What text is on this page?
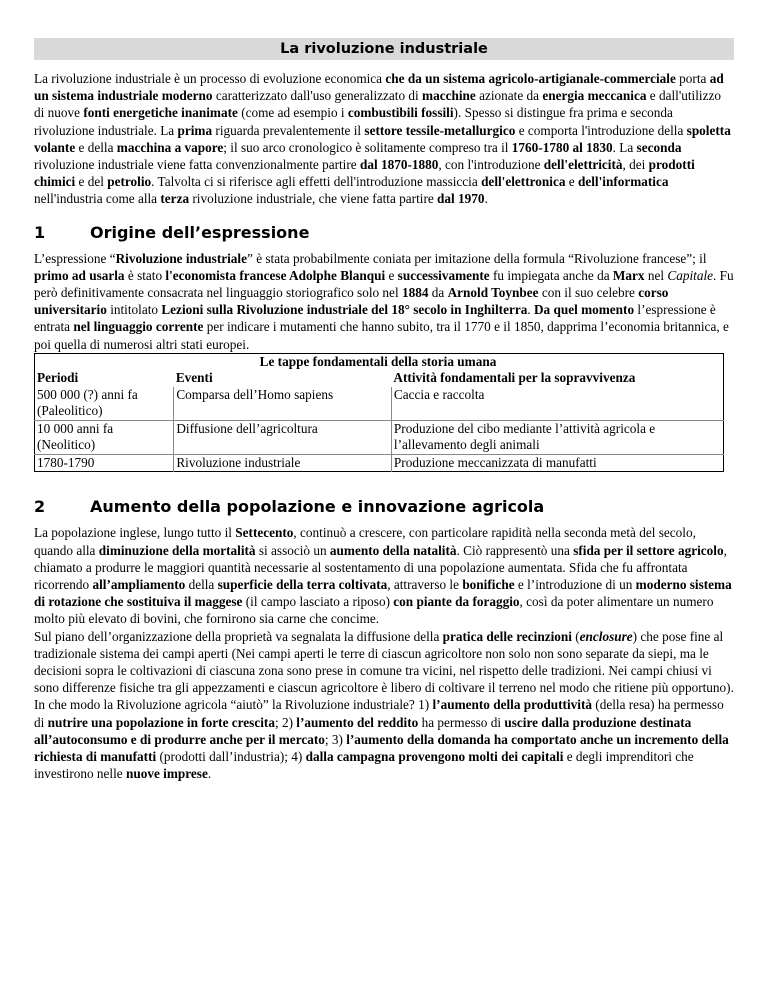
La rivoluzione industriale

La rivoluzione industriale è un processo di evoluzione economica che da un sistema agricolo-artigianale-commerciale porta ad un sistema industriale moderno caratterizzato dall'uso generalizzato di macchine azionate da energia meccanica e dall'utilizzo di nuove fonti energetiche inanimate (come ad esempio i combustibili fossili). Spesso si distingue fra prima e seconda rivoluzione industriale. La prima riguarda prevalentemente il settore tessile-metallurgico e comporta l'introduzione della spoletta volante e della macchina a vapore; il suo arco cronologico è solitamente compreso tra il 1760-1780 al 1830. La seconda rivoluzione industriale viene fatta convenzionalmente partire dal 1870-1880, con l'introduzione dell'elettricità, dei prodotti chimici e del petrolio. Talvolta ci si riferisce agli effetti dell'introduzione massiccia dell'elettronica e dell'informatica nell'industria come alla terza rivoluzione industriale, che viene fatta partire dal 1970.

1	Origine dell’espressione

L’espressione “Rivoluzione industriale” è stata probabilmente coniata per imitazione della formula “Rivoluzione francese”; il primo ad usarla è stato l'economista francese Adolphe Blanqui e successivamente fu impiegata anche da Marx nel Capitale. Fu però definitivamente consacrata nel linguaggio storiografico solo nel 1884 da Arnold Toynbee con il suo celebre corso universitario intitolato Lezioni sulla Rivoluzione industriale del 18° secolo in Inghilterra. Da quel momento l’espressione è entrata nel linguaggio corrente per indicare i mutamenti che hanno subito, tra il 1770 e il 1850, dapprima l’economia britannica, e poi quella di numerosi altri stati europei.

Le tappe fondamentali della storia umana		
Periodi	Eventi	Attività fondamentali per la sopravvivenza
500 000 (?) anni fa (Paleolitico)	Comparsa dell’Homo sapiens	Caccia e raccolta
10 000 anni fa (Neolitico)	Diffusione dell’agricoltura	Produzione del cibo mediante l’attività agricola e l’allevamento degli animali
1780-1790	Rivoluzione industriale	Produzione meccanizzata di manufatti
2	Aumento della popolazione e innovazione agricola

La popolazione inglese, lungo tutto il Settecento, continuò a crescere, con particolare rapidità nella seconda metà del secolo, quando alla diminuzione della mortalità si associò un aumento della natalità. Ciò rappresentò una sfida per il settore agricolo, chiamato a produrre le maggiori quantità necessarie al sostentamento di una popolazione aumentata. Sfida che fu affrontata ricorrendo all’ampliamento della superficie della terra coltivata, attraverso le bonifiche e l’introduzione di un moderno sistema di rotazione che sostituiva il maggese (il campo lasciato a riposo) con piante da foraggio, così da poter alimentare un numero molto più elevato di bovini, che fornirono sia carne che concime.

Sul piano dell’organizzazione della proprietà va segnalata la diffusione della pratica delle recinzioni (enclosure) che pose fine al tradizionale sistema dei campi aperti (Nei campi aperti le terre di ciascun agricoltore non solo non sono separate da siepi, ma le decisioni sopra le coltivazioni di ciascuna zona sono prese in comune tra vicini, nel rispetto delle tradizioni. Nei campi chiusi vi sono differenze fisiche tra gli appezzamenti e ciascun agricoltore è libero di coltivare il terreno nel modo che ritiene più opportuno).

In che modo la Rivoluzione agricola “aiutò” la Rivoluzione industriale? 1) l’aumento della produttività (della resa) ha permesso di nutrire una popolazione in forte crescita; 2) l’aumento del reddito ha permesso di uscire dalla produzione destinata all’autoconsumo e di produrre anche per il mercato; 3) l’aumento della domanda ha comportato anche un incremento della richiesta di manufatti (prodotti dall’industria); 4) dalla campagna provengono molti dei capitali e degli imprenditori che investirono nelle nuove imprese.
